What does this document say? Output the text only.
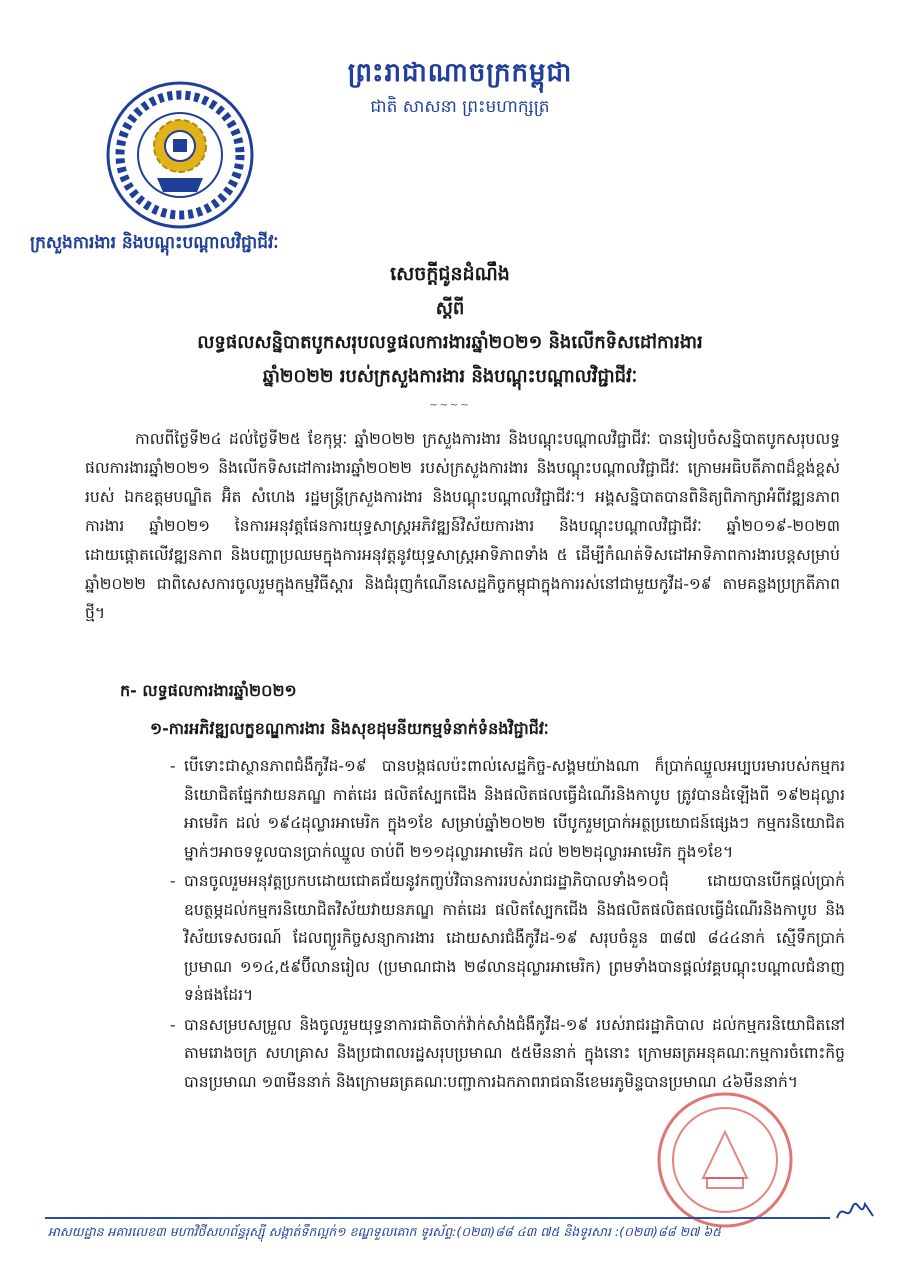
ព្រះរាជាណាចក្រកម្ពុជា
ជាតិ សាសនា ព្រះមហាក្សត្រ
ក្រសួងការងារ និងបណ្តុះបណ្តាលវិជ្ជាជីវៈ
សេចក្តីជូនដំណឹង
ស្តីពី
លទ្ធផលសន្និបាតបូកសរុបលទ្ធផលការងារឆ្នាំ២០២១ និងលើកទិសដៅការងារ
ឆ្នាំ២០២២ របស់ក្រសួងការងារ និងបណ្តុះបណ្តាលវិជ្ជាជីវៈ
~~~~

កាលពីថ្ងៃទី២៤ ដល់ថ្ងៃទី២៥ ខែកុម្ភៈ ឆ្នាំ២០២២ ក្រសួងការងារ និងបណ្តុះបណ្តាលវិជ្ជាជីវៈ បានរៀបចំសន្និបាតបូកសរុបលទ្ធផលការងារឆ្នាំ២០២១ និងលើកទិសដៅការងារឆ្នាំ២០២២ របស់ក្រសួងការងារ និងបណ្តុះបណ្តាលវិជ្ជាជីវៈ ក្រោមអធិបតីភាពដ៏ខ្ពង់ខ្ពស់របស់ ឯកឧត្តមបណ្ឌិត អ៊ិត សំហេង រដ្ឋមន្ត្រីក្រសួងការងារ និងបណ្តុះបណ្តាលវិជ្ជាជីវៈ។ អង្គសន្និបាតបានពិនិត្យពិភាក្សាអំពីវឌ្ឍនភាពការងារ ឆ្នាំ២០២១ នៃការអនុវត្តផែនការយុទ្ធសាស្ត្រអភិវឌ្ឍន៍វិស័យការងារ និងបណ្តុះបណ្តាលវិជ្ជាជីវៈ ឆ្នាំ២០១៩-២០២៣ ដោយផ្តោតលើវឌ្ឍនភាព និងបញ្ហាប្រឈមក្នុងការអនុវត្តនូវយុទ្ធសាស្ត្រអាទិភាពទាំង ៥ ដើម្បីកំណត់ទិសដៅអាទិភាពការងារបន្តសម្រាប់ឆ្នាំ២០២២ ជាពិសេសការចូលរួមក្នុងកម្មវិធីស្តារ និងជំរុញកំណើនសេដ្ឋកិច្ចកម្ពុជាក្នុងការរស់នៅជាមួយកូវីដ-១៩ តាមគន្លងប្រក្រតីភាពថ្មី។

ក- លទ្ធផលការងារឆ្នាំ២០២១
១-ការអភិវឌ្ឍលក្ខខណ្ឌការងារ និងសុខដុមនីយកម្មទំនាក់ទំនងវិជ្ជាជីវៈ
- បើទោះជាស្ថានភាពជំងឺកូវីដ-១៩ បានបង្កផលប៉ះពាល់សេដ្ឋកិច្ច-សង្គមយ៉ាងណា ក៏ប្រាក់ឈ្នួលអប្បបរមារបស់កម្មករនិយោជិតផ្នែកវាយនភណ្ឌ កាត់ដេរ ផលិតស្បែកជើង និងផលិតផលធ្វើដំណើរនិងកាបូប ត្រូវបានដំឡើងពី ១៩២ដុល្លារអាមេរិក ដល់ ១៩៤ដុល្លារអាមេរិក ក្នុង១ខែ សម្រាប់ឆ្នាំ២០២២ បើបូករួមប្រាក់អត្ថប្រយោជន៍ផ្សេងៗ កម្មករនិយោជិតម្នាក់ៗអាចទទួលបានប្រាក់ឈ្នួល ចាប់ពី ២១១ដុល្លារអាមេរិក ដល់ ២២២ដុល្លារអាមេរិក ក្នុង១ខែ។
- បានចូលរួមអនុវត្តប្រកបដោយជោគជ័យនូវកញ្ចប់វិធានការរបស់រាជរដ្ឋាភិបាលទាំង១០ជុំ ដោយបានបើកផ្តល់ប្រាក់ឧបត្ថម្ភដល់កម្មករនិយោជិតវិស័យវាយនភណ្ឌ កាត់ដេរ ផលិតស្បែកជើង និងផលិតផលិតផលធ្វើដំណើរនិងកាបូប និងវិស័យទេសចរណ៍ ដែលព្យួរកិច្ចសន្យាការងារ ដោយសារជំងឺកូវីដ-១៩ សរុបចំនួន ៣៨៧ ៨៤៤នាក់ ស្មើទឹកប្រាក់ប្រមាណ ១១៤,៥៩ប៊ីលានរៀល (ប្រមាណជាង ២៨លានដុល្លារអាមេរិក) ព្រមទាំងបានផ្តល់វគ្គបណ្តុះបណ្តាលជំនាញទន់ផងដែរ។
- បានសម្របសម្រួល និងចូលរួមយុទ្ធនាការជាតិចាក់វ៉ាក់សាំងជំងឺកូវីដ-១៩ របស់រាជរដ្ឋាភិបាល ដល់កម្មករនិយោជិតនៅតាមរោងចក្រ សហគ្រាស និងប្រជាពលរដ្ឋសរុបប្រមាណ ៥៥មឺននាក់ ក្នុងនោះ ក្រោមឆត្រអនុគណៈកម្មការចំពោះកិច្ចបានប្រមាណ ១៣មឺននាក់ និងក្រោមឆត្រគណៈបញ្ជាការឯកភាពរាជធានីខេមរភូមិន្ទបានប្រមាណ ៤៦មឺននាក់។
អាសយដ្ឋាន អគារលេខ៣ មហាវិថីសហព័ន្ធរុស្ស៊ី សង្កាត់ទឹកល្អក់១ ខណ្ឌទួលគោក ទូរស័ព្ទ:(០២៣)៨៨ ៤៣ ៧៥ និងទូរសារ :(០២៣)៨៨ ២៧ ៦៥
